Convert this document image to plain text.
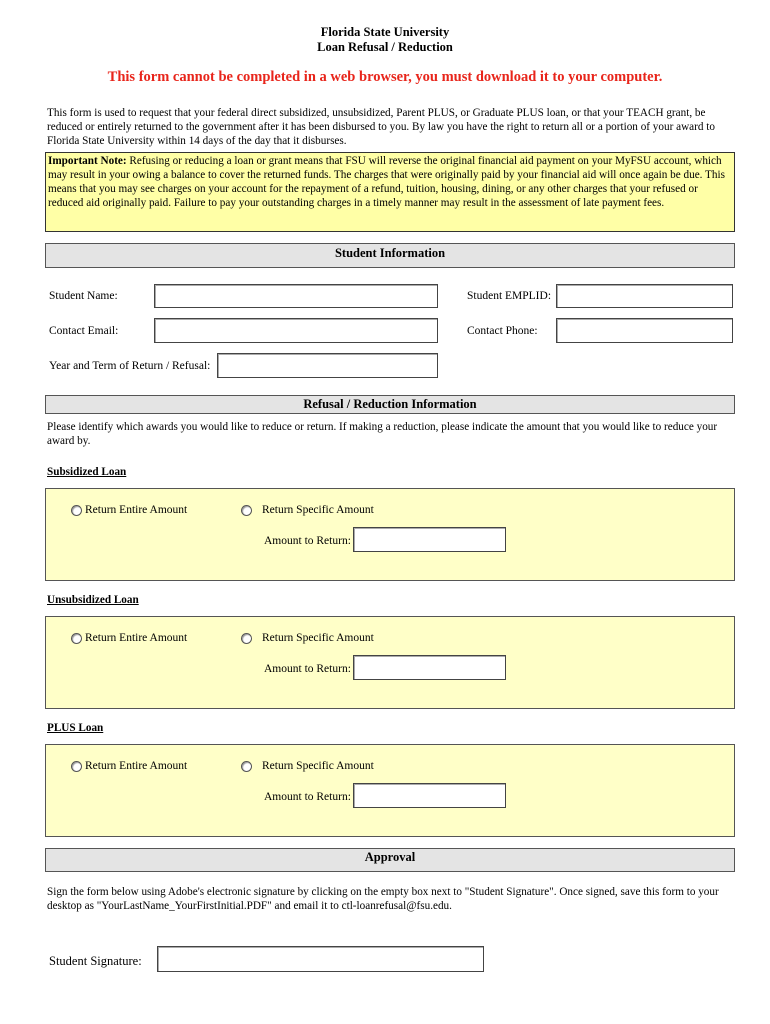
Florida State University
Loan Refusal / Reduction
This form cannot be completed in a web browser, you must download it to your computer.
This form is used to request that your federal direct subsidized, unsubsidized, Parent PLUS, or Graduate PLUS loan, or that your TEACH grant, be reduced or entirely returned to the government after it has been disbursed to you. By law you have the right to return all or a portion of your award to Florida State University within 14 days of the day that it disburses.
Important Note: Refusing or reducing a loan or grant means that FSU will reverse the original financial aid payment on your MyFSU account, which may result in your owing a balance to cover the returned funds. The charges that were originally paid by your financial aid will once again be due. This means that you may see charges on your account for the repayment of a refund, tuition, housing, dining, or any other charges that your refused or reduced aid originally paid. Failure to pay your outstanding charges in a timely manner may result in the assessment of late payment fees.
Student Information
Student Name:	Student EMPLID:
Contact Email:	Contact Phone:
Year and Term of Return / Refusal:
Refusal / Reduction Information
Please identify which awards you would like to reduce or return. If making a reduction, please indicate the amount that you would like to reduce your award by.
Subsidized Loan
Return Entire Amount	Return Specific Amount
Amount to Return:
Unsubsidized Loan
Return Entire Amount	Return Specific Amount
Amount to Return:
PLUS Loan
Return Entire Amount	Return Specific Amount
Amount to Return:
Approval
Sign the form below using Adobe's electronic signature by clicking on the empty box next to "Student Signature". Once signed, save this form to your desktop as "YourLastName_YourFirstInitial.PDF" and email it to ctl-loanrefusal@fsu.edu.
Student Signature:
